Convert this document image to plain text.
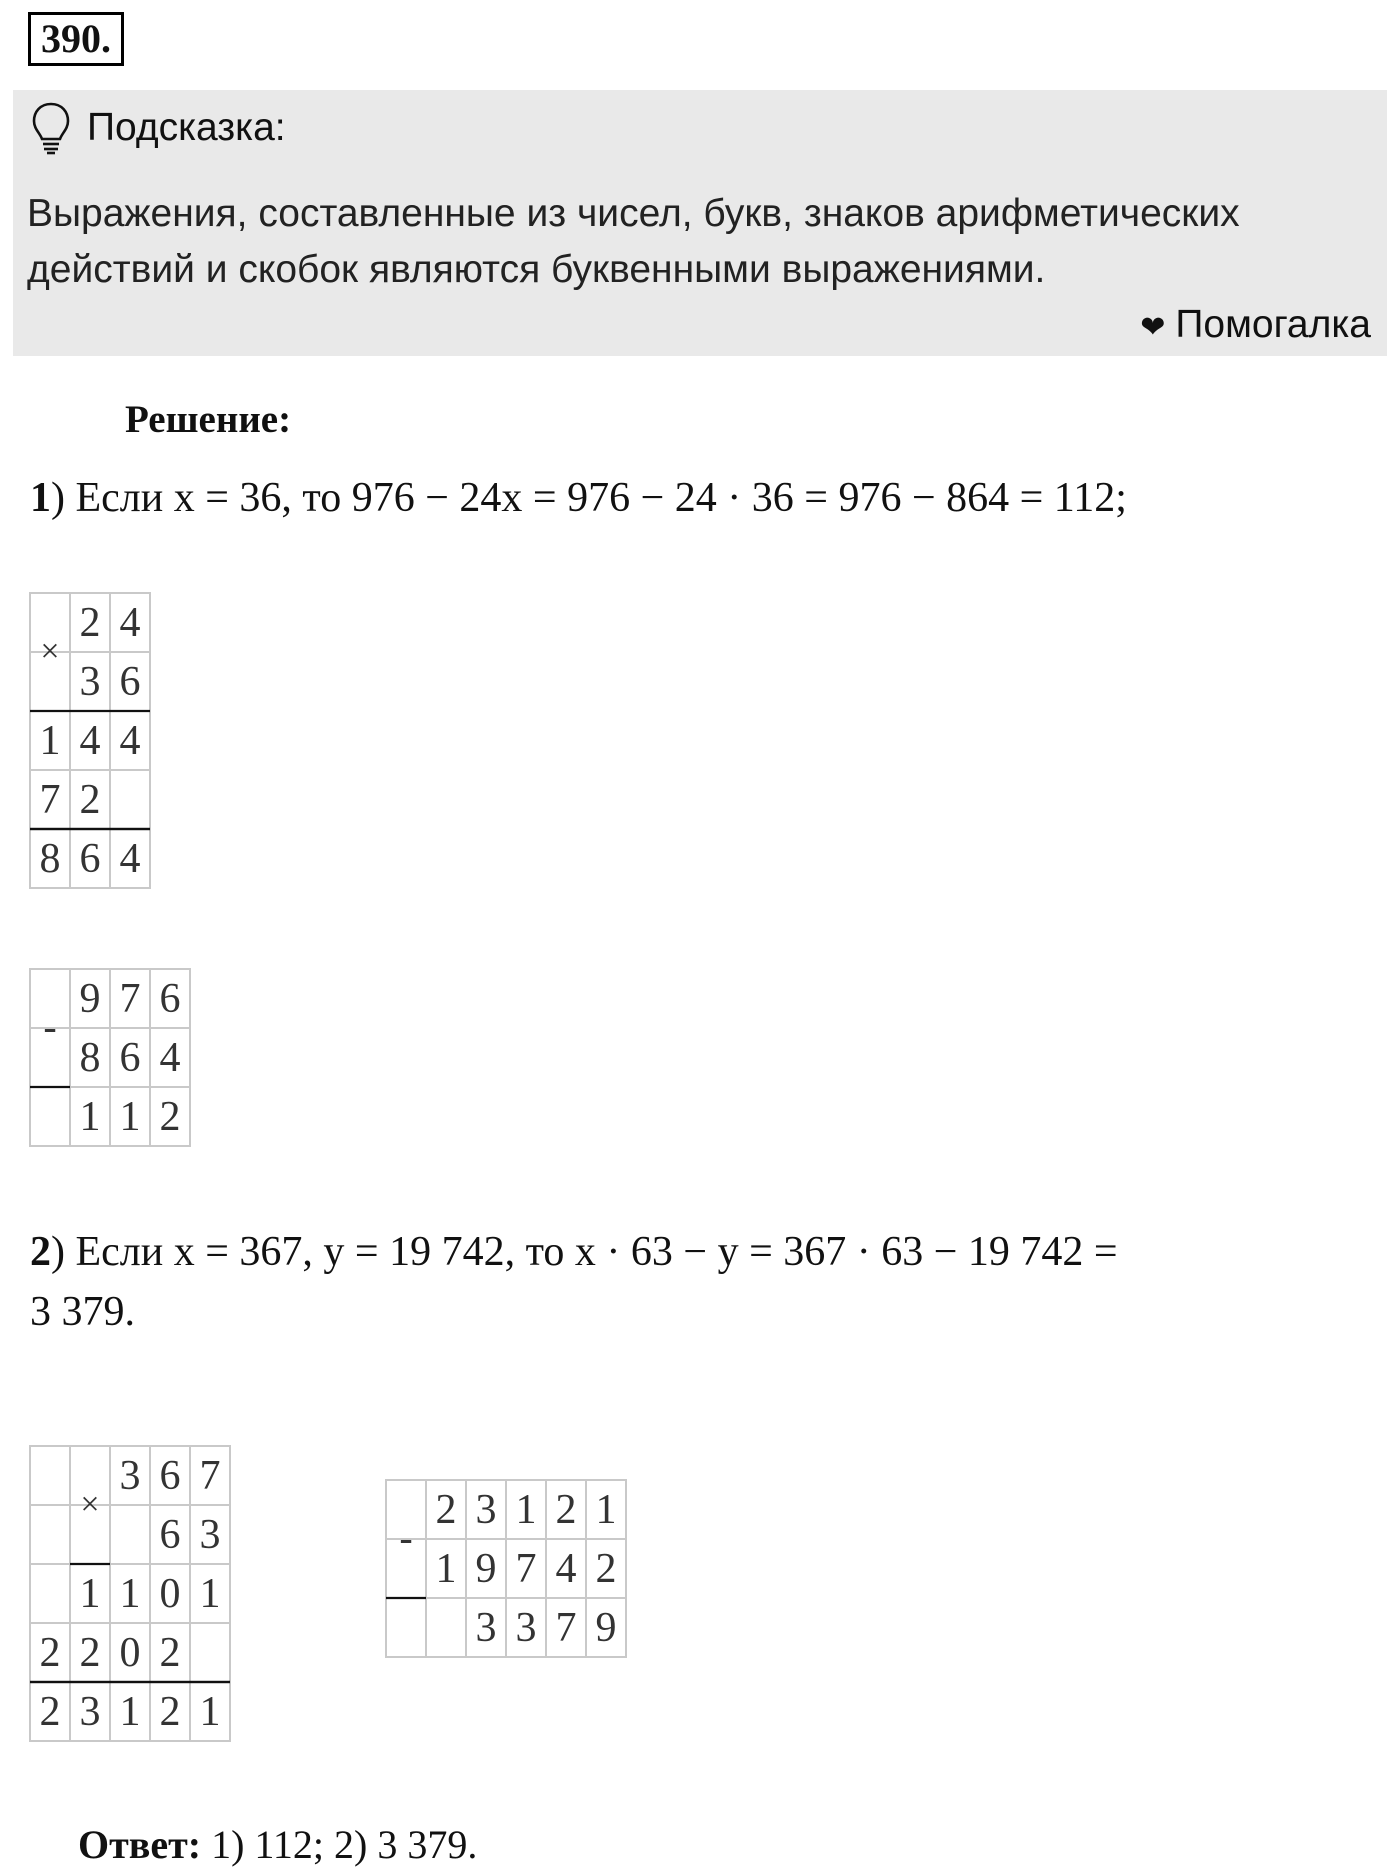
390.
Подсказка:
Выражения, составленные из чисел, букв, знаков арифметических действий и скобок являются буквенными выражениями.
❤ Помогалка
Решение:
1) Если x = 36, то 976 − 24x = 976 − 24 · 36 = 976 − 864 = 112;
2 4
3 6
1 4 4
7 2
8 6 4
×
9 7 6
8 6 4
1 1 2
-
3 6 7
6 3
1 1 0 1
2 2 0 2
2 3 1 2 1
×	2 3 1 2 1
1 9 7 4 2
3 3 7 9
-
2) Если x = 367, y = 19 742, то x · 63 − y = 367 · 63 − 19 742 =
3 379.
Ответ: 1) 112; 2) 3 379.
